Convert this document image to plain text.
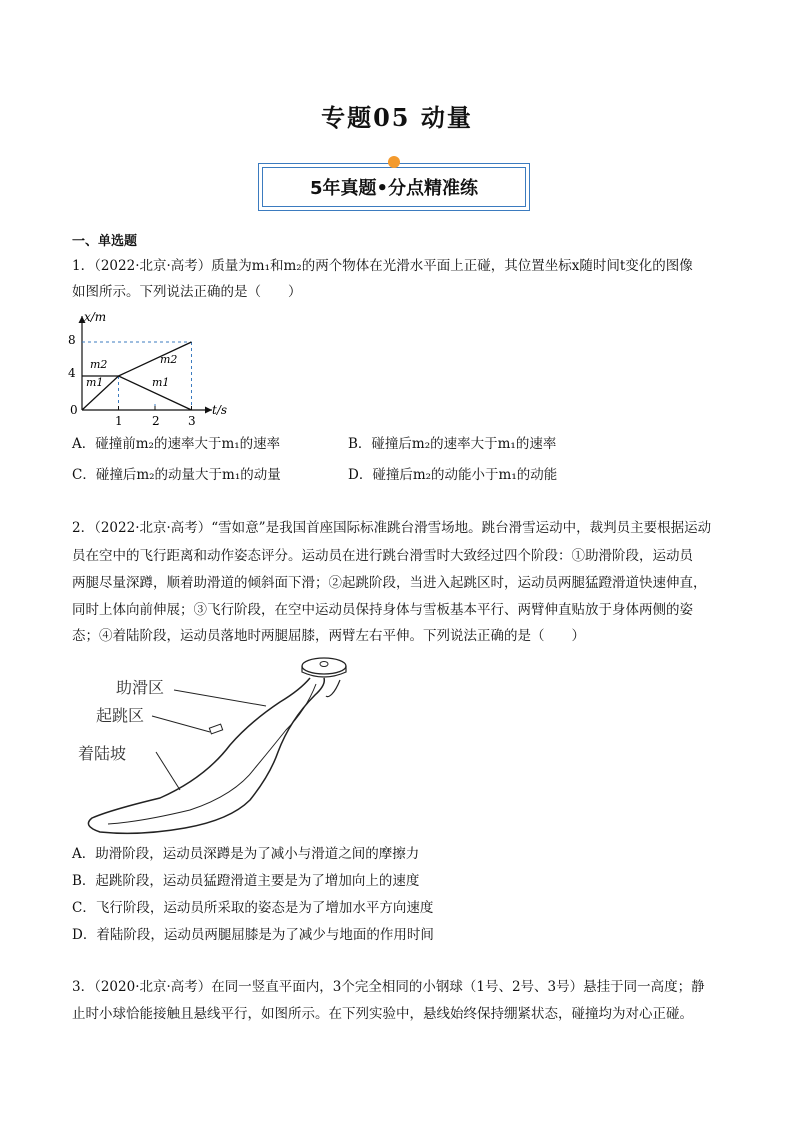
专题05 动量
5年真题•分点精准练
一、单选题
1．（2022·北京·高考）质量为m₁和m₂的两个物体在光滑水平面上正碰，其位置坐标x随时间t变化的图像
如图所示。下列说法正确的是（　　）
x/m
t/s
8
4
0
1 2 3
m2
m1
m2
m1
A．碰撞前m₂的速率大于m₁的速率	B．碰撞后m₂的速率大于m₁的速率
C．碰撞后m₂的动量大于m₁的动量	D．碰撞后m₂的动能小于m₁的动能
2．（2022·北京·高考）“雪如意”是我国首座国际标准跳台滑雪场地。跳台滑雪运动中，裁判员主要根据运动
员在空中的飞行距离和动作姿态评分。运动员在进行跳台滑雪时大致经过四个阶段：①助滑阶段，运动员
两腿尽量深蹲，顺着助滑道的倾斜面下滑；②起跳阶段，当进入起跳区时，运动员两腿猛蹬滑道快速伸直，
同时上体向前伸展；③飞行阶段，在空中运动员保持身体与雪板基本平行、两臂伸直贴放于身体两侧的姿
态；④着陆阶段，运动员落地时两腿屈膝，两臂左右平伸。下列说法正确的是（　　）
助滑区
起跳区
着陆坡
A．助滑阶段，运动员深蹲是为了减小与滑道之间的摩擦力
B．起跳阶段，运动员猛蹬滑道主要是为了增加向上的速度
C．飞行阶段，运动员所采取的姿态是为了增加水平方向速度
D．着陆阶段，运动员两腿屈膝是为了减少与地面的作用时间
3．（2020·北京·高考）在同一竖直平面内，3个完全相同的小钢球（1号、2号、3号）悬挂于同一高度；静
止时小球恰能接触且悬线平行，如图所示。在下列实验中，悬线始终保持绷紧状态，碰撞均为对心正碰。
